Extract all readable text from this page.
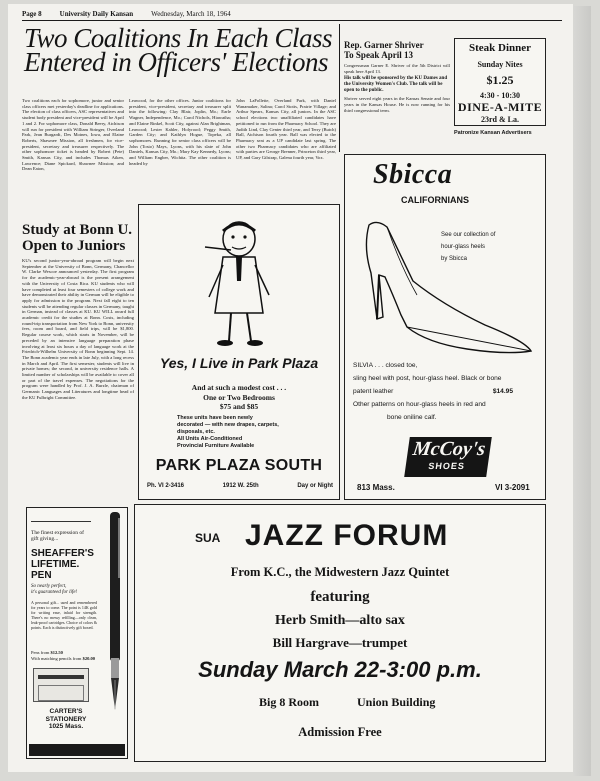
Page 8	University Daily Kansan	Wednesday, March 18, 1964
Two Coalitions In Each Class
Entered in Officers' Elections
Two coalitions each for sophomore, junior and senior class officers met yesterday's deadline for applications. The election of class officers, ASC representatives and student body president and vice-president will be April 1 and 2. For sophomore class, Donald Beery, Atchison will run for president with William Stringer, Overland Park, Jean Burgardt, Des Moines, Iowa, and Elaine Roberts, Shawnee Mission, all freshmen, for vice-president, secretary and treasurer respectively. The other sophomore ticket is headed by Robert (Pete) Smith, Kansas City, and includes Thomas Aiken, Lawrence; Diane Spickard, Shawnee Mission; and Dean Eaton,
Leawood, for the other offices. Junior coalitions for president, vice-president, secretary and treasurer split into the following: Clay Blair, Joplin, Mo.; Earle Wagner, Independence, Mo.; Carol Nichols, Hiawatha; and Elaine Rinkel, Scott City, against Alan Brightman, Leawood; Lester Kahler, Holyrood; Peggy Smith, Garden City; and Kathlyn Hogue, Topeka, all sophomores. Running for senior class officers will be John (Tosto) Mays, Lyons, with his slate of John Daniels, Kansas City, Mo.; Mary Kay Kennedy, Lyons; and William Engber, Wichita. The other coalition is headed by
John LaFollette, Overland Park, with Daniel Wanamaker, Salina; Carol Stotts, Prairie Village; and Arthur Spears, Kansas City, all juniors. In the ASC school elections two unaffiliated candidates have petitioned to run from the Pharmacy School. They are Judith Lind, Clay Center third year, and Terry (Butch) Ball, Atchison fourth year. Ball was elected to the Pharmacy seat as a UP candidate last spring. The other two Pharmacy candidates who are affiliated with parties are George Brenner, Princeton third year, UP, and Gary Gilstrap, Galena fourth year, Vox.
Rep. Garner Shriver
To Speak April 13
Congressman Garner E. Shriver of the 5th District will speak here April 13.
His talk will be sponsored by the KU Dames and the University Women's Club. The talk will be open to the public.
Shriver served eight years in the Kansas Senate and four years in the Kansas House. He is now running for his third congressional term.
Steak Dinner
Sunday Nites
$1.25
4:30 - 10:30
DINE-A-MITE
23rd & La.
Patronize Kansan Advertisers
Study at Bonn U.
Open to Juniors
KU's second junior-year-abroad program will begin next September at the University of Bonn, Germany, Chancellor W. Clarke Wescoe announced yesterday. The first program for the academic-year-abroad is the present arrangement with the University of Costa Rica. KU students who will have completed at least four semesters of college work and have demonstrated their ability in German will be eligible to apply for admission to the program. Next fall eight to ten students will be attending regular classes in Germany, taught in German, instead of classes at KU. KU WILL award full academic credit for the studies at Bonn. Costs, including round-trip transportation from New York to Bonn, university fees, room and board, and field trips, will be $1,800. Regular course work, which starts in November, will be preceded by an intensive language preparation phase involving at least six hours a day of language work at the Friedrich-Wilhelm University of Bonn beginning Sept. 14. The Bonn academic year ends in late July, with a long recess in March and April. The first semester, students will live in private homes; the second, in university residence halls. A limited number of scholarships will be available to cover all or part of the travel expenses. The negotiations for the program were handled by Prof. J. A. Burzle, chairman of Germanic Languages and Literatures and longtime head of the KU Fulbright Committee.
The finest expression of
gift giving...
SHEAFFER'S
LIFETIME.
PEN
So nearly perfect,
it's guaranteed for life!
A personal gift... used and remembered for years to come. The point is 14K gold for writing ease, inlaid for strength. There's no messy refilling—only clean, leak-proof cartridges. Choice of colors & points. Each is distinctively gift boxed.
Pens from $12.50
With matching pencils from $20.00
CARTER'S
STATIONERY
1025 Mass.
Yes, I Live in Park Plaza
And at such a modest cost . . .
One or Two Bedrooms
$75 and $85
These units have been newly
decorated — with new drapes, carpets,
disposals, etc.
All Units Air-Conditioned
Provincial Furniture Available
PARK PLAZA SOUTH
Ph. VI 2-3416	1912 W. 25th	Day or Night
Sbicca
CALIFORNIANS
See our collection of
hour-glass heels
by Sbicca
SILVIA . . . closed toe,
sling heel with post, hour-glass heel. Black or bone
patent leather	$14.95
Other patterns on hour-glass heels in red and
bone oniline calf.
McCoy's
SHOES
813 Mass.	VI 3-2091
SUA JAZZ FORUM
From K.C., the Midwestern Jazz Quintet
featuring
Herb Smith—alto sax
Bill Hargrave—trumpet
Sunday March 22-3:00 p.m.
Big 8 Room	Union Building
Admission Free
